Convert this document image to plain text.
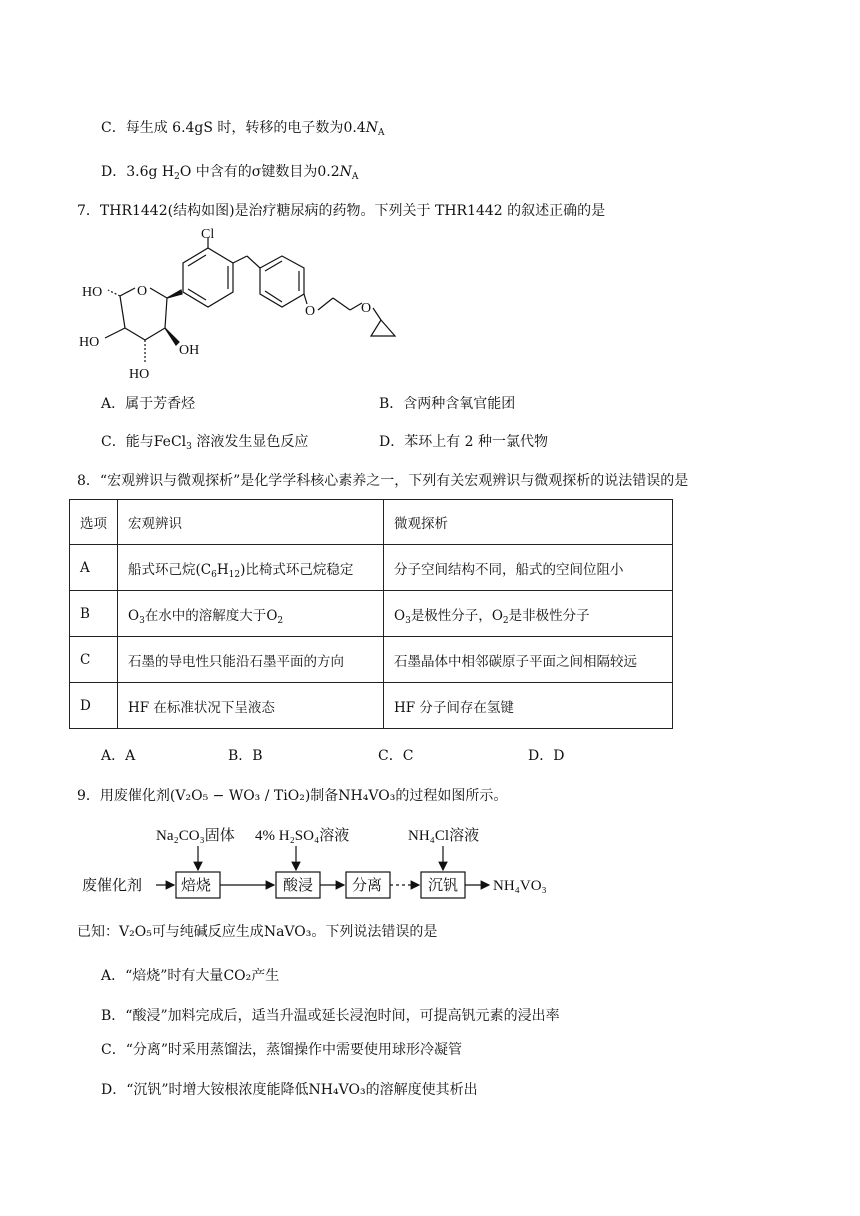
C．每生成 6.4gS 时，转移的电子数为$0.4N_A$
D．3.6g $H_2O$ 中含有的σ键数目为$0.2N_A$
7．THR1442(结构如图)是治疗糖尿病的药物。下列关于 THR1442 的叙述正确的是
Cl
HO O
HO
OH
HO
O	O
A．属于芳香烃	B．含两种含氧官能团
C．能与FeCl$_3$ 溶液发生显色反应	D．苯环上有 2 种一氯代物
8．“宏观辨识与微观探析”是化学学科核心素养之一，下列有关宏观辨识与微观探析的说法错误的是
选项	宏观辨识	微观探析
A	船式环己烷$(C_6H_{12})$比椅式环己烷稳定	分子空间结构不同，船式的空间位阻小
B	$O_3$在水中的溶解度大于$O_2$	$O_3$是极性分子，$O_2$是非极性分子
C	石墨的导电性只能沿石墨平面的方向	石墨晶体中相邻碳原子平面之间相隔较远
D	HF 在标准状况下呈液态	HF 分子间存在氢键
A．A	B．B	C．C	D．D
9．用废催化剂(V₂O₅ − WO₃ / TiO₂)制备NH₄VO₃的过程如图所示。
Na₂CO₃固体 4% H₂SO₄溶液	NH₄Cl溶液
废催化剂	焙烧	酸浸	分离	沉钒 NH₄VO₃
已知：V₂O₅可与纯碱反应生成NaVO₃。下列说法错误的是
A．“焙烧”时有大量CO₂产生
B．“酸浸”加料完成后，适当升温或延长浸泡时间，可提高钒元素的浸出率
C．“分离”时采用蒸馏法，蒸馏操作中需要使用球形冷凝管
D．“沉钒”时增大铵根浓度能降低NH₄VO₃的溶解度使其析出
